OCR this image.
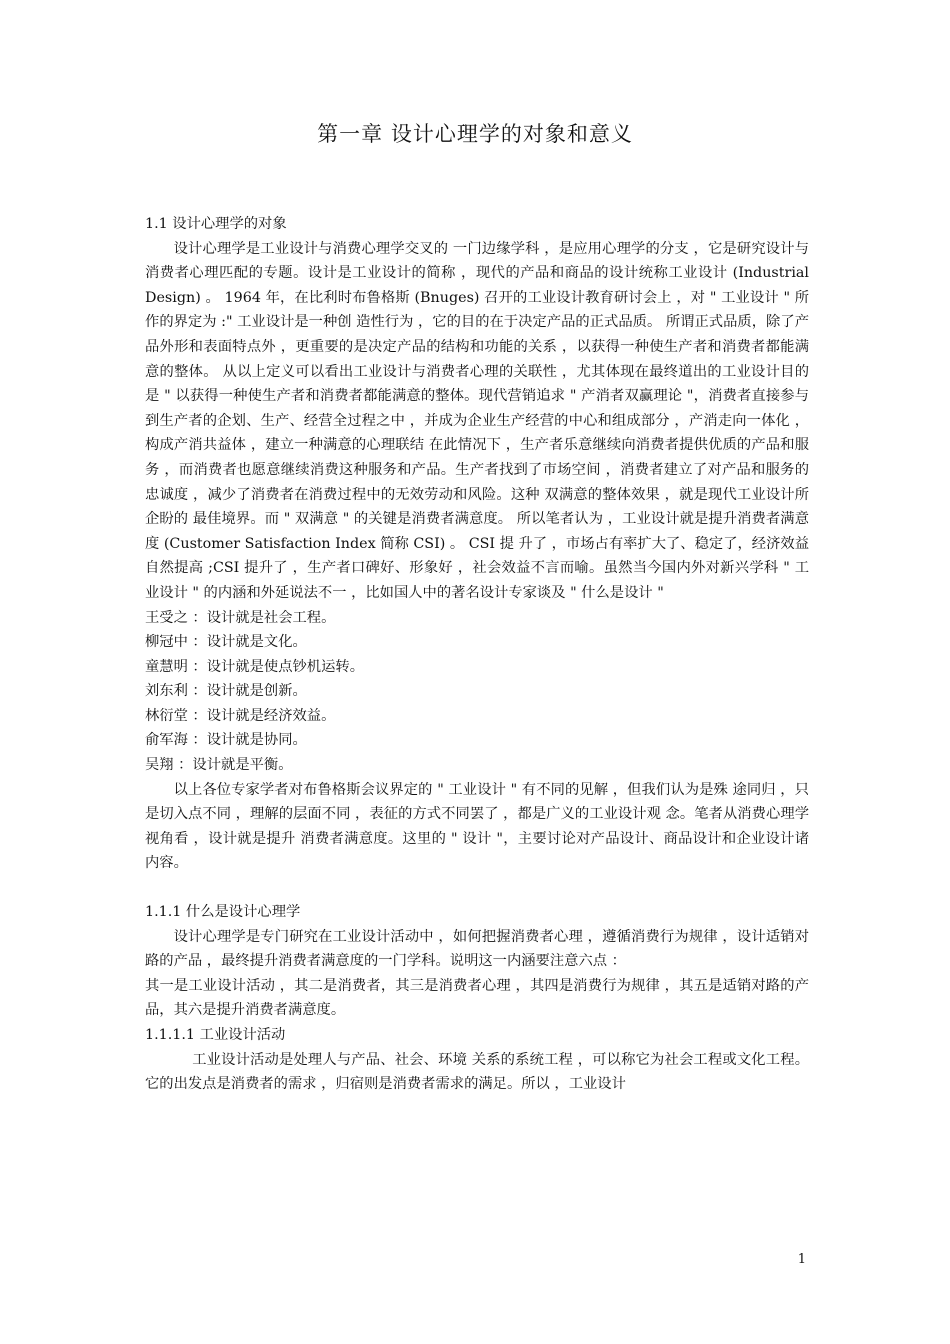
第一章 设计心理学的对象和意义

1.1 设计心理学的对象

设计心理学是工业设计与消费心理学交叉的 一门边缘学科 ，是应用心理学的分支 ，它是研究设计与消费者心理匹配的专题。设计是工业设计的简称 ，现代的产品和商品的设计统称工业设计 (Industrial Design) 。 1964 年，在比利时布鲁格斯 (Bnuges) 召开的工业设计教育研讨会上 ，对 " 工业设计 " 所作的界定为 :" 工业设计是一种创 造性行为 ，它的目的在于决定产品的正式品质。 所谓正式品质，除了产品外形和表面特点外 ，更重要的是决定产品的结构和功能的关系 ，以获得一种使生产者和消费者都能满意的整体。 从以上定义可以看出工业设计与消费者心理的关联性 ，尤其体现在最终道出的工业设计目的是 " 以获得一种使生产者和消费者都能满意的整体。现代营销追求 " 产消者双赢理论 "，消费者直接参与到生产者的企划、生产、经营全过程之中 ，并成为企业生产经营的中心和组成部分 ，产消走向一体化 ，构成产消共益体 ，建立一种满意的心理联结 在此情况下 ，生产者乐意继续向消费者提供优质的产品和服务 ，而消费者也愿意继续消费这种服务和产品。生产者找到了市场空间 ，消费者建立了对产品和服务的忠诚度 ，减少了消费者在消费过程中的无效劳动和风险。这种 双满意的整体效果 ，就是现代工业设计所企盼的 最佳境界。而 " 双满意 " 的关键是消费者满意度。 所以笔者认为 ，工业设计就是提升消费者满意度 (Customer Satisfaction Index 简称 CSI) 。 CSI 提 升了 ，市场占有率扩大了、稳定了，经济效益自然提高 ;CSI 提升了 ，生产者口碑好、形象好 ，社会效益不言而喻。虽然当今国内外对新兴学科 " 工业设计 " 的内涵和外延说法不一 ，比如国人中的著名设计专家谈及 " 什么是设计 "

王受之 ：设计就是社会工程。

柳冠中 ：设计就是文化。

童慧明 ：设计就是使点钞机运转。

刘东利 ：设计就是创新。

林衍堂 ：设计就是经济效益。

俞军海 ：设计就是协同。

吴翔 ：设计就是平衡。

以上各位专家学者对布鲁格斯会议界定的 " 工业设计 " 有不同的见解 ，但我们认为是殊 途同归 ，只是切入点不同 ，理解的层面不同 ，表征的方式不同罢了 ，都是广义的工业设计观 念。笔者从消费心理学视角看 ，设计就是提升 消费者满意度。这里的 " 设计 "，主要讨论对产品设计、商品设计和企业设计诸内容。

1.1.1 什么是设计心理学

设计心理学是专门研究在工业设计活动中 ，如何把握消费者心理 ，遵循消费行为规律 ，设计适销对路的产品 ，最终提升消费者满意度的一门学科。说明这一内涵要注意六点 ：

其一是工业设计活动 ，其二是消费者，其三是消费者心理 ，其四是消费行为规律 ，其五是适销对路的产品，其六是提升消费者满意度。

1.1.1.1 工业设计活动

工业设计活动是处理人与产品、社会、环境 关系的系统工程 ，可以称它为社会工程或文化工程。它的出发点是消费者的需求 ，归宿则是消费者需求的满足。所以 ，工业设计

1
